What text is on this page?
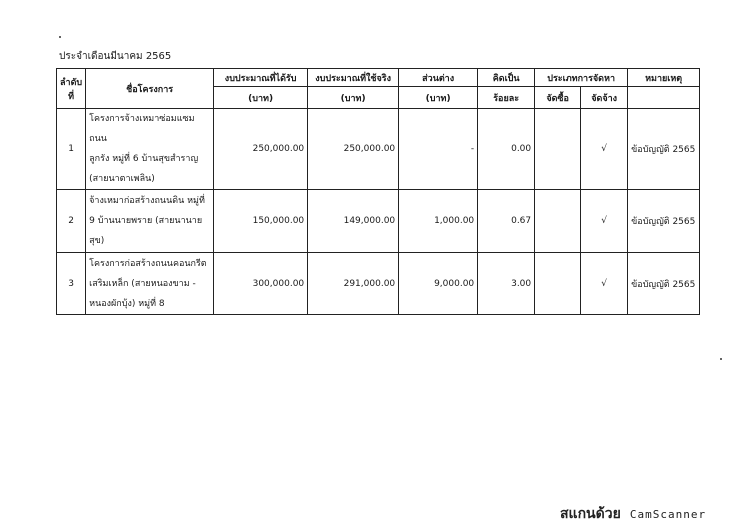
ประจำเดือนมีนาคม 2565
ลำดับ
ที่	ชื่อโครงการ	งบประมาณที่ได้รับ	งบประมาณที่ใช้จริง	ส่วนต่าง	คิดเป็น	ประเภทการจัดหา		หมายเหตุ
		(บาท)	(บาท)	(บาท)	ร้อยละ	จัดซื้อ	จัดจ้าง	
1	โครงการจ้างเหมาซ่อมแซมถนน
ลูกรัง หมู่ที่ 6 บ้านสุขสำราญ
(สายนาตาเพลิน)	250,000.00	250,000.00	-	0.00		√	ข้อบัญญัติ 2565
2	จ้างเหมาก่อสร้างถนนดิน หมู่ที่
9 บ้านนายพราย (สายนานาย
สุข)	150,000.00	149,000.00	1,000.00	0.67		√	ข้อบัญญัติ 2565
3	โครงการก่อสร้างถนนคอนกรีต
เสริมเหล็ก (สายหนองขาม -
หนองผักบุ้ง) หมู่ที่ 8	300,000.00	291,000.00	9,000.00	3.00		√	ข้อบัญญัติ 2565
สแกนด้วย CamScanner
